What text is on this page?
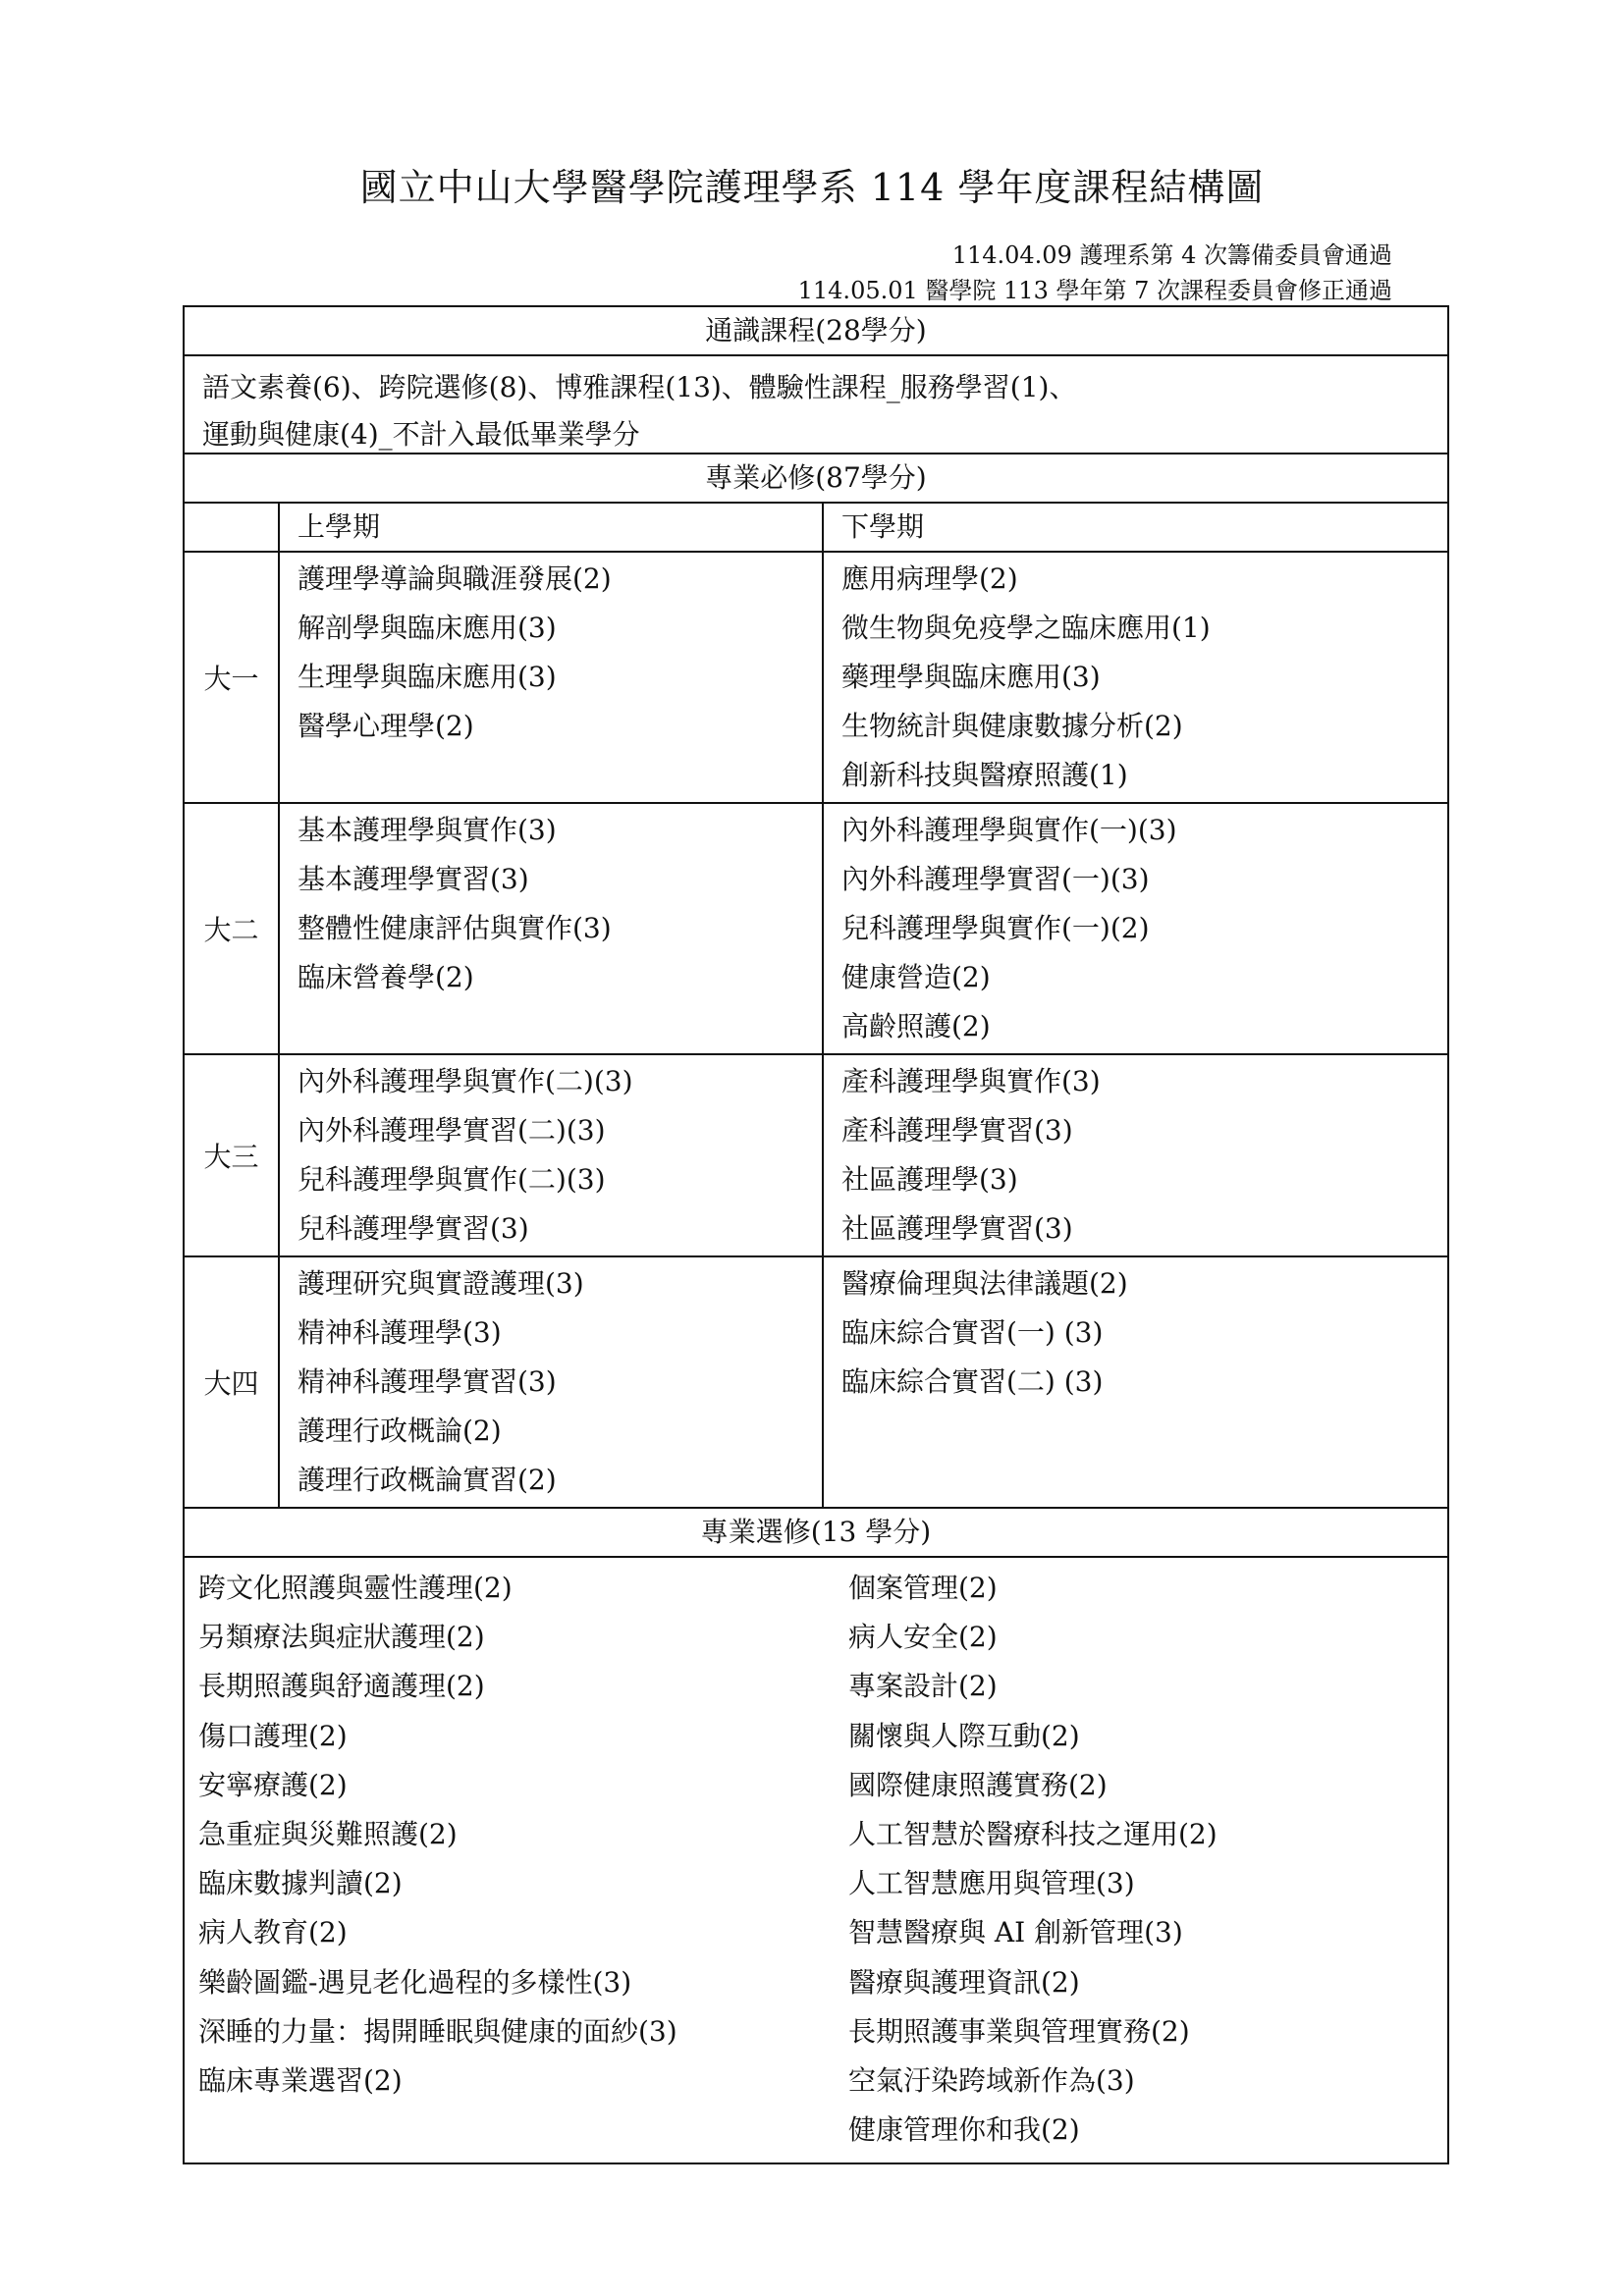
國立中山大學醫學院護理學系 114 學年度課程結構圖
114.04.09 護理系第 4 次籌備委員會通過
114.05.01 醫學院 113 學年第 7 次課程委員會修正通過
通識課程(28學分)
語文素養(6)、跨院選修(8)、博雅課程(13)、體驗性課程_服務學習(1)、
運動與健康(4)_不計入最低畢業學分
專業必修(87學分)
上學期	下學期
大一
護理學導論與職涯發展(2)
解剖學與臨床應用(3)
生理學與臨床應用(3)
醫學心理學(2)
應用病理學(2)
微生物與免疫學之臨床應用(1)
藥理學與臨床應用(3)
生物統計與健康數據分析(2)
創新科技與醫療照護(1)
大二
基本護理學與實作(3)
基本護理學實習(3)
整體性健康評估與實作(3)
臨床營養學(2)
內外科護理學與實作(一)(3)
內外科護理學實習(一)(3)
兒科護理學與實作(一)(2)
健康營造(2)
高齡照護(2)
大三
內外科護理學與實作(二)(3)
內外科護理學實習(二)(3)
兒科護理學與實作(二)(3)
兒科護理學實習(3)
產科護理學與實作(3)
產科護理學實習(3)
社區護理學(3)
社區護理學實習(3)
大四
護理研究與實證護理(3)
精神科護理學(3)
精神科護理學實習(3)
護理行政概論(2)
護理行政概論實習(2)
醫療倫理與法律議題(2)
臨床綜合實習(一) (3)
臨床綜合實習(二) (3)
專業選修(13 學分)
跨文化照護與靈性護理(2)
另類療法與症狀護理(2)
長期照護與舒適護理(2)
傷口護理(2)
安寧療護(2)
急重症與災難照護(2)
臨床數據判讀(2)
病人教育(2)
樂齡圖鑑-遇見老化過程的多樣性(3)
深睡的力量：揭開睡眠與健康的面紗(3)
臨床專業選習(2)
個案管理(2)
病人安全(2)
專案設計(2)
關懷與人際互動(2)
國際健康照護實務(2)
人工智慧於醫療科技之運用(2)
人工智慧應用與管理(3)
智慧醫療與 AI 創新管理(3)
醫療與護理資訊(2)
長期照護事業與管理實務(2)
空氣汙染跨域新作為(3)
健康管理你和我(2)
